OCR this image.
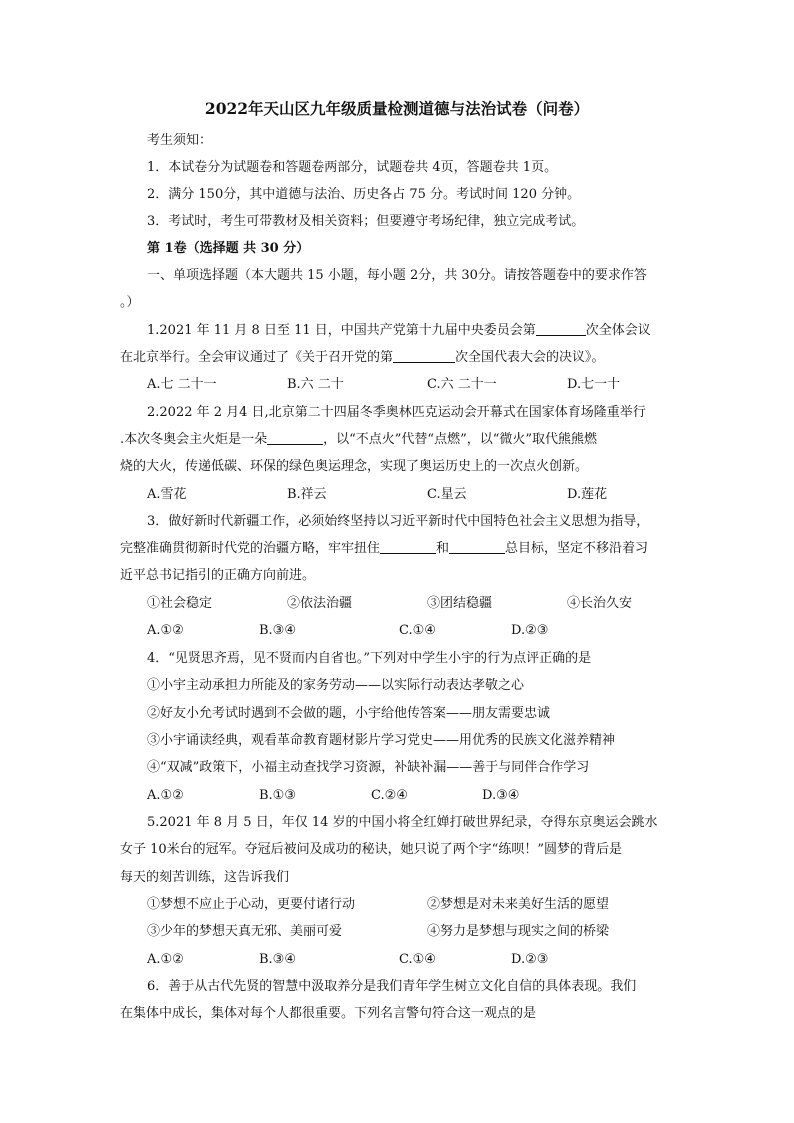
2022年天山区九年级质量检测道德与法治试卷（问卷）
考生须知：
1．本试卷分为试题卷和答题卷两部分，试题卷共 4页，答题卷共 1页。
2．满分 150分，其中道德与法治、历史各占 75 分。考试时间 120 分钟。
3．考试时，考生可带教材及相关资料；但要遵守考场纪律，独立完成考试。
第 1卷（选择题 共 30 分）
一、单项选择题（本大题共 15 小题，每小题 2分，共 30分。请按答题卷中的要求作答
。）
1.2021 年 11 月 8 日至 11 日，中国共产党第十九届中央委员会第	次全体会议
在北京举行。全会审议通过了《关于召开党的第	次全国代表大会的决议》。
A.七 二十一	B.六 二十	C.六 二十一	D.七一十
2.2022 年 2 月4 日,北京第二十四届冬季奥林匹克运动会开幕式在国家体育场隆重举行
.本次冬奥会主火炬是一朵	，以“不点火”代替“点燃”，以“微火”取代熊熊燃
烧的大火，传递低碳、环保的绿色奥运理念，实现了奥运历史上的一次点火创新。
A.雪花	B.祥云	C.星云	D.莲花
3．做好新时代新疆工作，必须始终坚持以习近平新时代中国特色社会主义思想为指导，
完整准确贯彻新时代党的治疆方略，牢牢扭住	和	总目标，坚定不移沿着习
近平总书记指引的正确方向前进。
①社会稳定	②依法治疆	③团结稳疆	④长治久安
A.①②	B.③④	C.①④	D.②③
4．“见贤思齐焉，见不贤而内自省也。”下列对中学生小宇的行为点评正确的是
①小宇主动承担力所能及的家务劳动——以实际行动表达孝敬之心
②好友小允考试时遇到不会做的题，小宇给他传答案——朋友需要忠诚
③小宇诵读经典，观看革命教育题材影片学习党史——用优秀的民族文化滋养精神
④“双减”政策下，小福主动查找学习资源，补缺补漏——善于与同伴合作学习
A.①②	B.①③	C.②④	D.③④
5.2021 年 8 月 5 日，年仅 14 岁的中国小将全红婵打破世界纪录，夺得东京奥运会跳水
女子 10米台的冠军。夺冠后被问及成功的秘诀，她只说了两个字“练呗！”圆梦的背后是
每天的刻苦训练，这告诉我们
①梦想不应止于心动，更要付诸行动	②梦想是对未来美好生活的愿望
③少年的梦想天真无邪、美丽可爱	④努力是梦想与现实之间的桥梁
A.①②	B.③④	C.①④	D.②③
6．善于从古代先贤的智慧中汲取养分是我们青年学生树立文化自信的具体表现。我们
在集体中成长，集体对每个人都很重要。下列名言警句符合这一观点的是
